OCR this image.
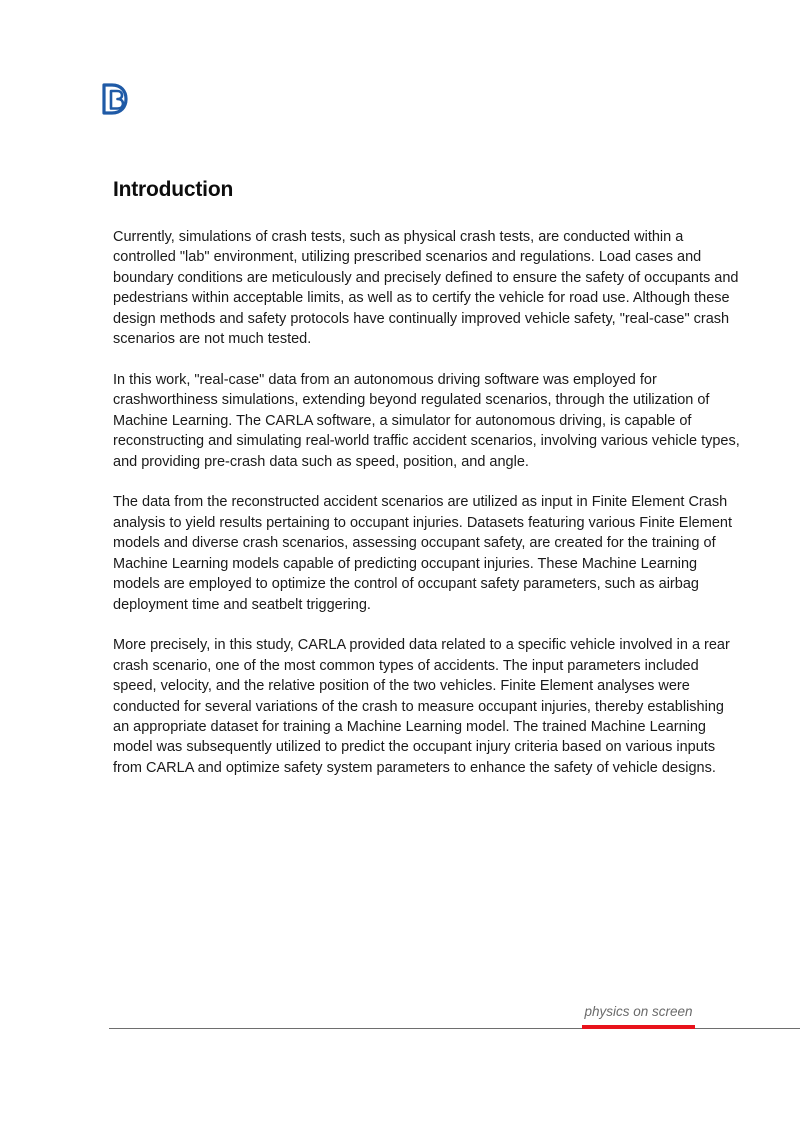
Introduction

Currently, simulations of crash tests, such as physical crash tests, are conducted within a controlled "lab" environment, utilizing prescribed scenarios and regulations. Load cases and boundary conditions are meticulously and precisely defined to ensure the safety of occupants and pedestrians within acceptable limits, as well as to certify the vehicle for road use. Although these design methods and safety protocols have continually improved vehicle safety, "real-case" crash scenarios are not much tested.

In this work, "real-case" data from an autonomous driving software was employed for crashworthiness simulations, extending beyond regulated scenarios, through the utilization of Machine Learning. The CARLA software, a simulator for autonomous driving, is capable of reconstructing and simulating real-world traffic accident scenarios, involving various vehicle types, and providing pre-crash data such as speed, position, and angle.

The data from the reconstructed accident scenarios are utilized as input in Finite Element Crash analysis to yield results pertaining to occupant injuries. Datasets featuring various Finite Element models and diverse crash scenarios, assessing occupant safety, are created for the training of Machine Learning models capable of predicting occupant injuries. These Machine Learning models are employed to optimize the control of occupant safety parameters, such as airbag deployment time and seatbelt triggering.

More precisely, in this study, CARLA provided data related to a specific vehicle involved in a rear crash scenario, one of the most common types of accidents. The input parameters included speed, velocity, and the relative position of the two vehicles. Finite Element analyses were conducted for several variations of the crash to measure occupant injuries, thereby establishing an appropriate dataset for training a Machine Learning model. The trained Machine Learning model was subsequently utilized to predict the occupant injury criteria based on various inputs from CARLA and optimize safety system parameters to enhance the safety of vehicle designs.

physics on screen
